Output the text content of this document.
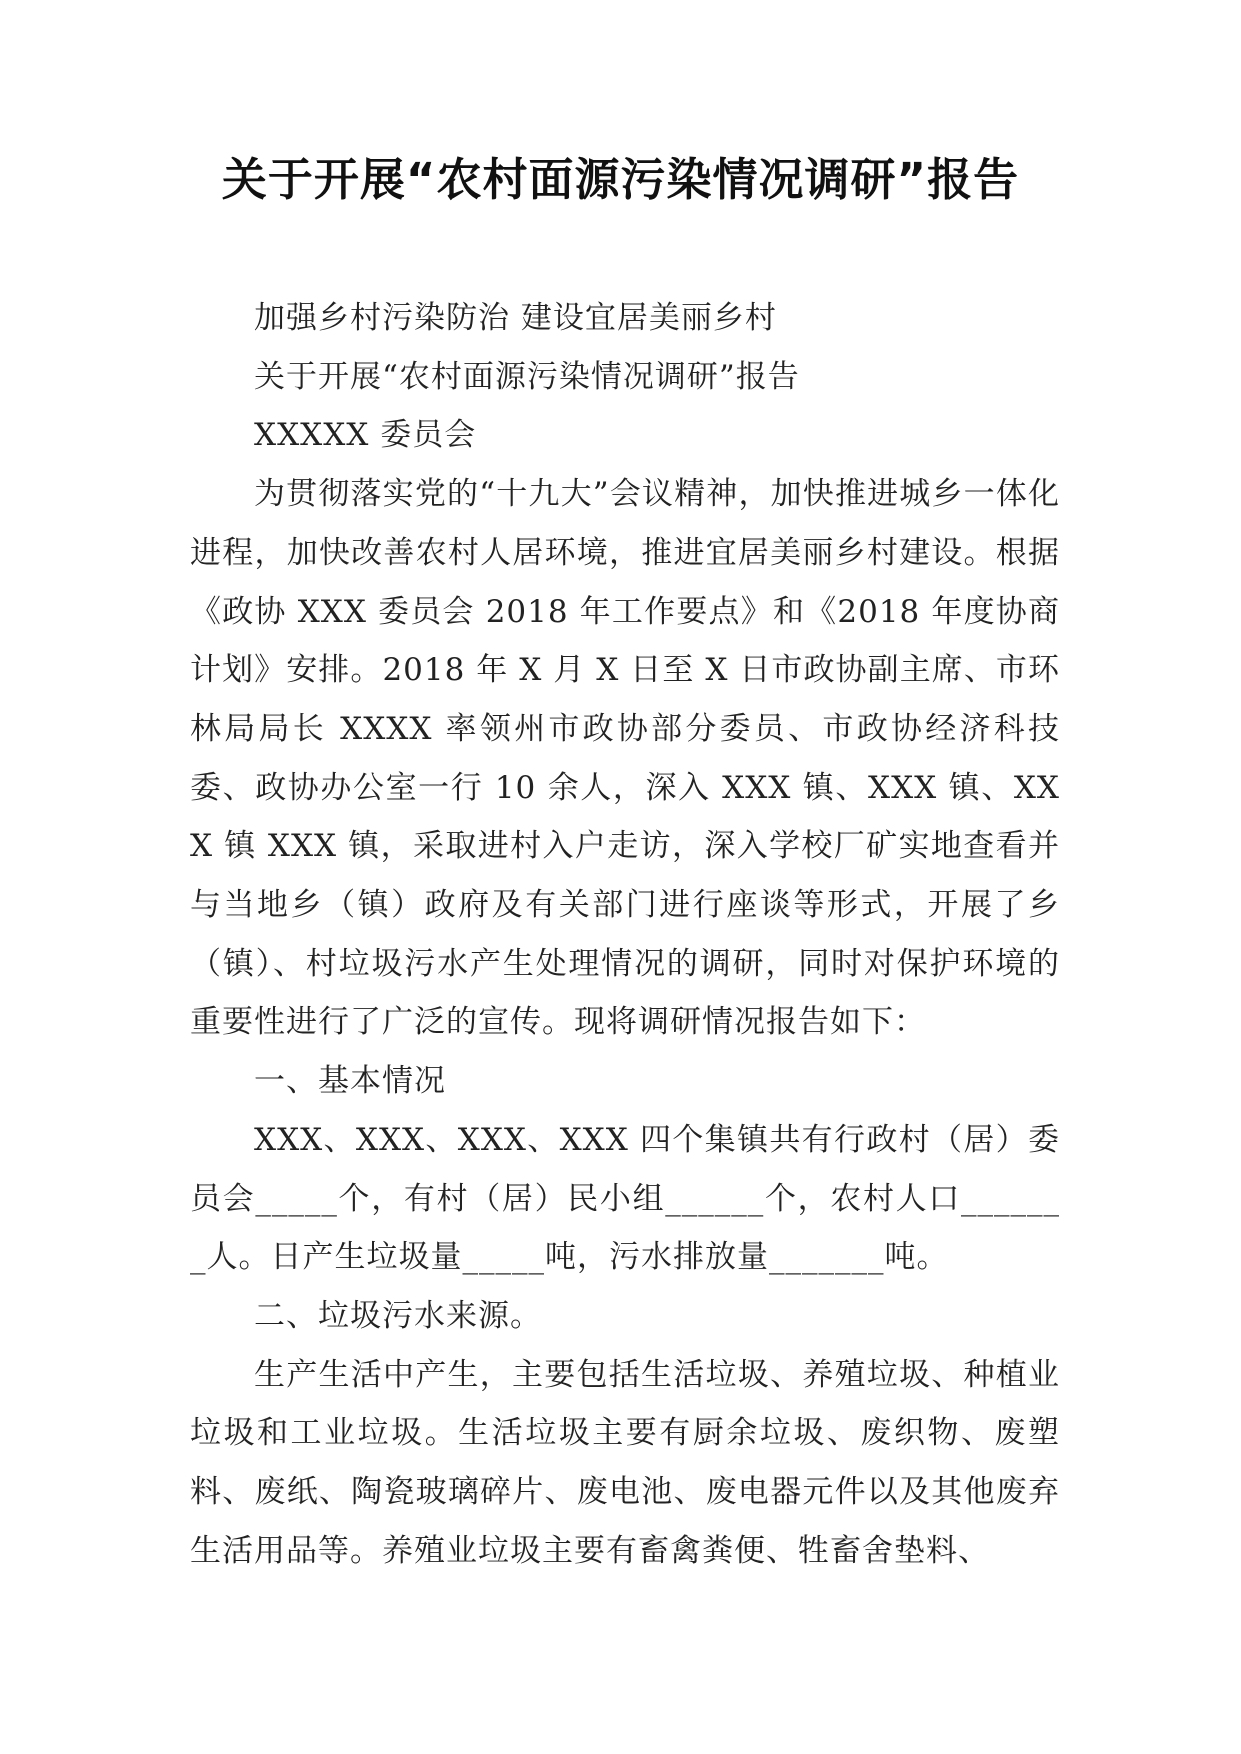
关于开展“农村面源污染情况调研”报告

加强乡村污染防治 建设宜居美丽乡村

关于开展“农村面源污染情况调研”报告

XXXXX 委员会

为贯彻落实党的“十九大”会议精神，加快推进城乡一体化进程，加快改善农村人居环境，推进宜居美丽乡村建设。根据《政协 XXX 委员会 2018 年工作要点》和《2018 年度协商计划》安排。2018 年 X 月 X 日至 X 日市政协副主席、市环林局局长 XXXX 率领州市政协部分委员、市政协经济科技委、政协办公室一行 10 余人，深入 XXX 镇、XXX 镇、XXX 镇 XXX 镇，采取进村入户走访，深入学校厂矿实地查看并与当地乡（镇）政府及有关部门进行座谈等形式，开展了乡（镇）、村垃圾污水产生处理情况的调研，同时对保护环境的重要性进行了广泛的宣传。现将调研情况报告如下：

一、基本情况

XXX、XXX、XXX、XXX 四个集镇共有行政村（居）委员会_____个，有村（居）民小组______个，农村人口_______人。日产生垃圾量_____吨，污水排放量_______吨。

二、垃圾污水来源。

生产生活中产生，主要包括生活垃圾、养殖垃圾、种植业垃圾和工业垃圾。生活垃圾主要有厨余垃圾、废织物、废塑料、废纸、陶瓷玻璃碎片、废电池、废电器元件以及其他废弃生活用品等。养殖业垃圾主要有畜禽粪便、牲畜舍垫料、
